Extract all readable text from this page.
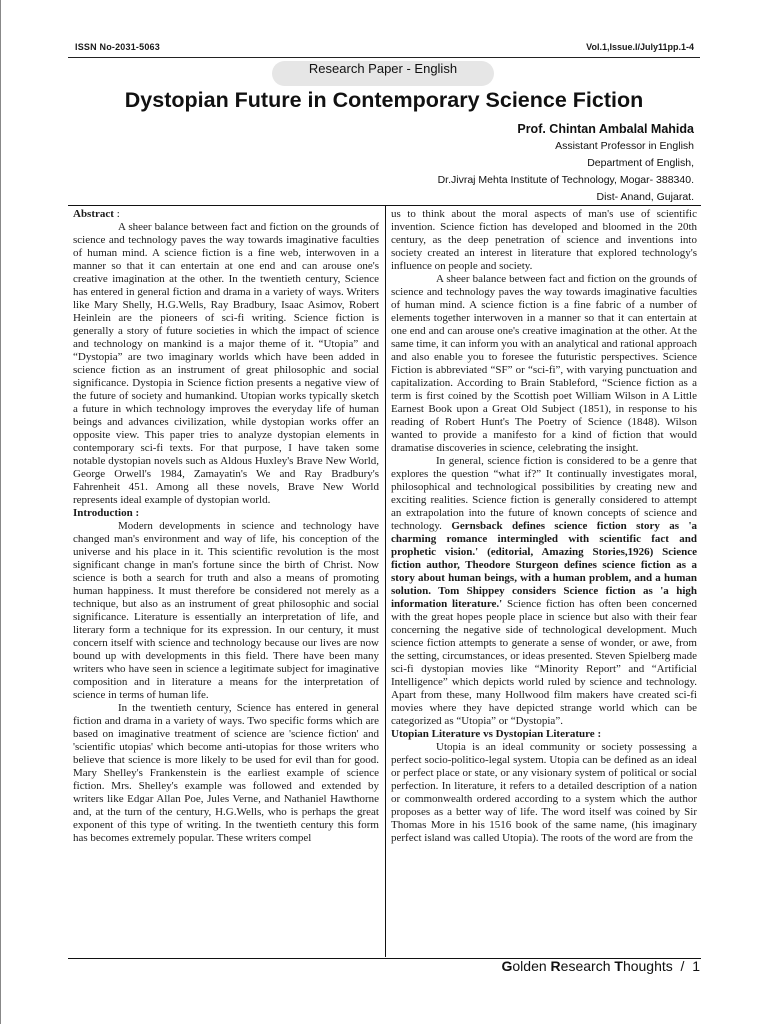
ISSN No-2031-5063	Vol.1,Issue.I/July11pp.1-4
Research Paper - English
Dystopian Future in Contemporary Science Fiction
Prof. Chintan Ambalal Mahida
Assistant Professor in English
Department of English,
Dr.Jivraj Mehta Institute of Technology, Mogar- 388340.
Dist- Anand, Gujarat.

Abstract :

A sheer balance between fact and fiction on the grounds of science and technology paves the way towards imaginative faculties of human mind. A science fiction is a fine web, interwoven in a manner so that it can entertain at one end and can arouse one's creative imagination at the other. In the twentieth century, Science has entered in general fiction and drama in a variety of ways. Writers like Mary Shelly, H.G.Wells, Ray Bradbury, Isaac Asimov, Robert Heinlein are the pioneers of sci-fi writing. Science fiction is generally a story of future societies in which the impact of science and technology on mankind is a major theme of it. “Utopia” and “Dystopia” are two imaginary worlds which have been added in science fiction as an instrument of great philosophic and social significance. Dystopia in Science fiction presents a negative view of the future of society and humankind. Utopian works typically sketch a future in which technology improves the everyday life of human beings and advances civilization, while dystopian works offer an opposite view. This paper tries to analyze dystopian elements in contemporary sci-fi texts. For that purpose, I have taken some notable dystopian novels such as Aldous Huxley's Brave New World, George Orwell's 1984, Zamayatin's We and Ray Bradbury's Fahrenheit 451. Among all these novels, Brave New World represents ideal example of dystopian world.

Introduction :

Modern developments in science and technology have changed man's environment and way of life, his conception of the universe and his place in it. This scientific revolution is the most significant change in man's fortune since the birth of Christ. Now science is both a search for truth and also a means of promoting human happiness. It must therefore be considered not merely as a technique, but also as an instrument of great philosophic and social significance. Literature is essentially an interpretation of life, and literary form a technique for its expression. In our century, it must concern itself with science and technology because our lives are now bound up with developments in this field. There have been many writers who have seen in science a legitimate subject for imaginative composition and in literature a means for the interpretation of science in terms of human life.

In the twentieth century, Science has entered in general fiction and drama in a variety of ways. Two specific forms which are based on imaginative treatment of science are 'science fiction' and 'scientific utopias' which become anti-utopias for those writers who believe that science is more likely to be used for evil than for good. Mary Shelley's Frankenstein is the earliest example of science fiction. Mrs. Shelley's example was followed and extended by writers like Edgar Allan Poe, Jules Verne, and Nathaniel Hawthorne and, at the turn of the century, H.G.Wells, who is perhaps the great exponent of this type of writing. In the twentieth century this form has becomes extremely popular. These writers compel

us to think about the moral aspects of man's use of scientific invention. Science fiction has developed and bloomed in the 20th century, as the deep penetration of science and inventions into society created an interest in literature that explored technology's influence on people and society.

A sheer balance between fact and fiction on the grounds of science and technology paves the way towards imaginative faculties of human mind. A science fiction is a fine fabric of a number of elements together interwoven in a manner so that it can entertain at one end and can arouse one's creative imagination at the other. At the same time, it can inform you with an analytical and rational approach and also enable you to foresee the futuristic perspectives. Science Fiction is abbreviated “SF” or “sci-fi”, with varying punctuation and capitalization. According to Brain Stableford, “Science fiction as a term is first coined by the Scottish poet William Wilson in A Little Earnest Book upon a Great Old Subject (1851), in response to his reading of Robert Hunt's The Poetry of Science (1848). Wilson wanted to provide a manifesto for a kind of fiction that would dramatise discoveries in science, celebrating the insight.

In general, science fiction is considered to be a genre that explores the question “what if?” It continually investigates moral, philosophical and technological possibilities by creating new and exciting realities. Science fiction is generally considered to attempt an extrapolation into the future of known concepts of science and technology. Gernsback defines science fiction story as 'a charming romance intermingled with scientific fact and prophetic vision.' (editorial, Amazing Stories,1926) Science fiction author, Theodore Sturgeon defines science fiction as a story about human beings, with a human problem, and a human solution. Tom Shippey considers Science fiction as 'a high information literature.' Science fiction has often been concerned with the great hopes people place in science but also with their fear concerning the negative side of technological development. Much science fiction attempts to generate a sense of wonder, or awe, from the setting, circumstances, or ideas presented. Steven Spielberg made sci-fi dystopian movies like “Minority Report” and “Artificial Intelligence” which depicts world ruled by science and technology. Apart from these, many Hollwood film makers have created sci-fi movies where they have depicted strange world which can be categorized as “Utopia” or “Dystopia”.

Utopian Literature vs Dystopian Literature :

Utopia is an ideal community or society possessing a perfect socio-politico-legal system. Utopia can be defined as an ideal or perfect place or state, or any visionary system of political or social perfection. In literature, it refers to a detailed description of a nation or commonwealth ordered according to a system which the author proposes as a better way of life. The word itself was coined by Sir Thomas More in his 1516 book of the same name, (his imaginary perfect island was called Utopia). The roots of the word are from the

Golden Research Thoughts  /  1
